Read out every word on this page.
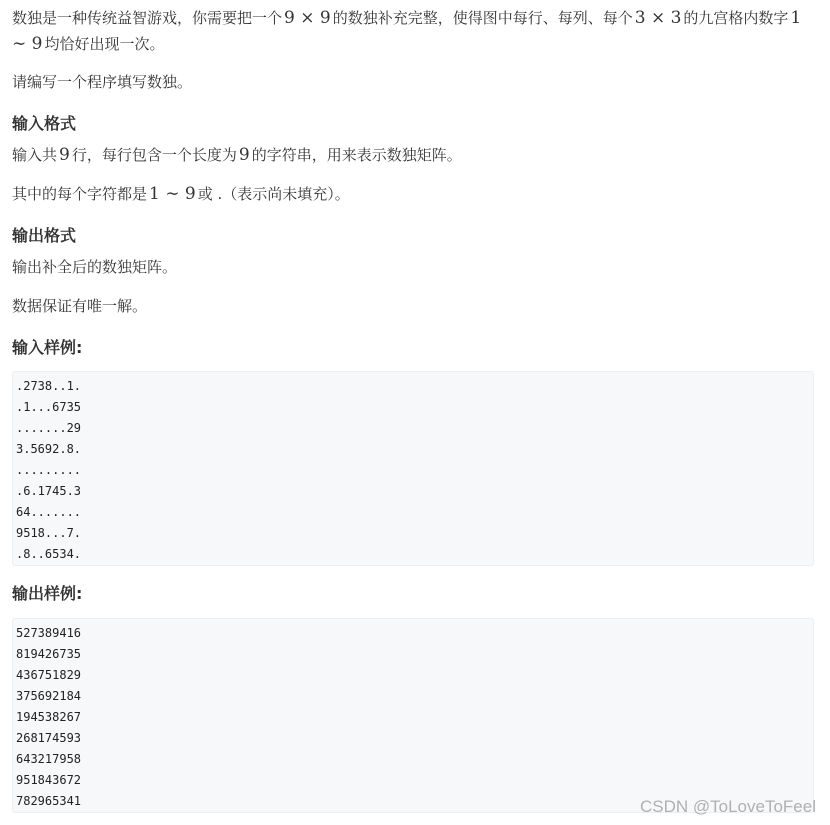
数独是一种传统益智游戏，你需要把一个 9 × 9 的数独补充完整，使得图中每行、每列、每个 3 × 3 的九宫格内数字 1 ∼ 9 均恰好出现一次。

请编写一个程序填写数独。

输入格式

输入共 9 行，每行包含一个长度为 9 的字符串，用来表示数独矩阵。

其中的每个字符都是 1 ∼ 9 或 .（表示尚未填充）。

输出格式

输出补全后的数独矩阵。

数据保证有唯一解。

输入样例:
.2738..1.
.1...6735
.......29
3.5692.8.
.........
.6.1745.3
64.......
9518...7.
.8..6534.
输出样例:
527389416
819426735
436751829
375692184
194538267
268174593
643217958
951843672
782965341	CSDN @ToLoveToFeel
